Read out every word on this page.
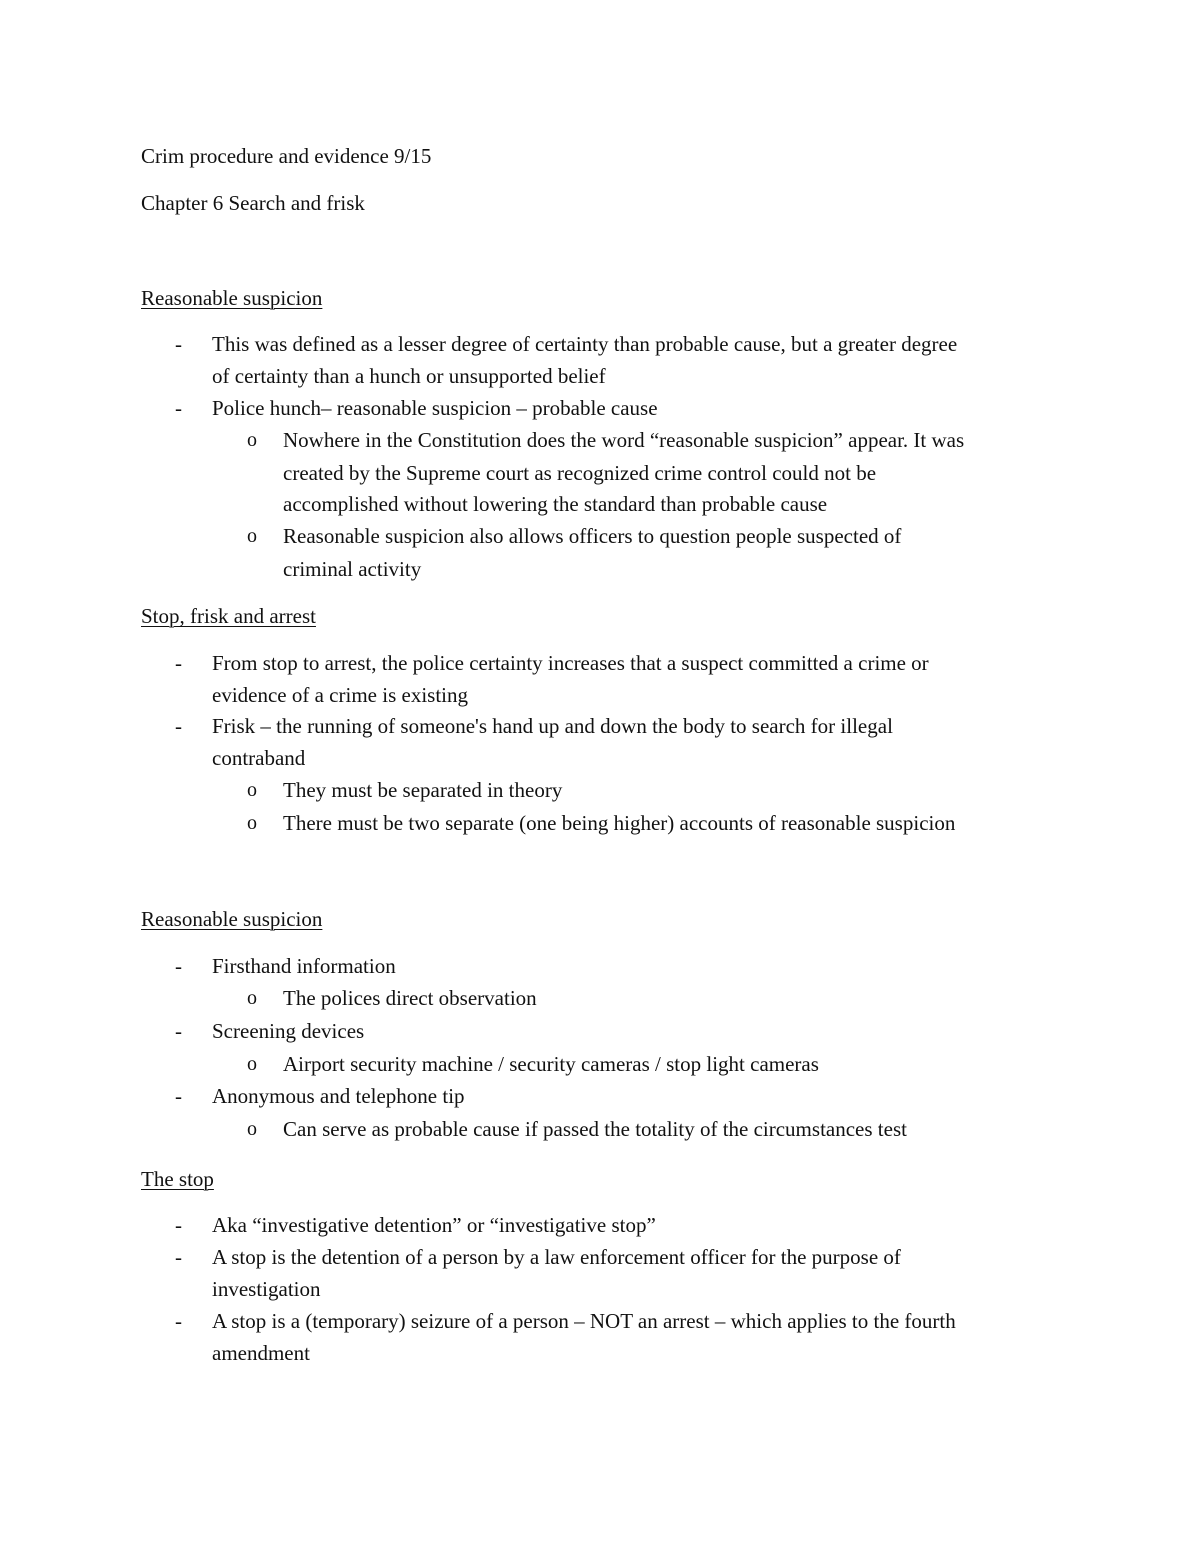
Crim procedure and evidence 9/15
Chapter 6 Search and frisk
Reasonable suspicion
- This was defined as a lesser degree of certainty than probable cause, but a greater degree
of certainty than a hunch or unsupported belief
- Police hunch– reasonable suspicion – probable cause
o Nowhere in the Constitution does the word “reasonable suspicion” appear. It was
created by the Supreme court as recognized crime control could not be
accomplished without lowering the standard than probable cause
o Reasonable suspicion also allows officers to question people suspected of
criminal activity
Stop, frisk and arrest
- From stop to arrest, the police certainty increases that a suspect committed a crime or
evidence of a crime is existing
- Frisk – the running of someone's hand up and down the body to search for illegal
contraband
o They must be separated in theory
o There must be two separate (one being higher) accounts of reasonable suspicion
Reasonable suspicion
- Firsthand information
o The polices direct observation
- Screening devices
o Airport security machine / security cameras / stop light cameras
- Anonymous and telephone tip
o Can serve as probable cause if passed the totality of the circumstances test
The stop
- Aka “investigative detention” or “investigative stop”
- A stop is the detention of a person by a law enforcement officer for the purpose of
investigation
- A stop is a (temporary) seizure of a person – NOT an arrest – which applies to the fourth
amendment
